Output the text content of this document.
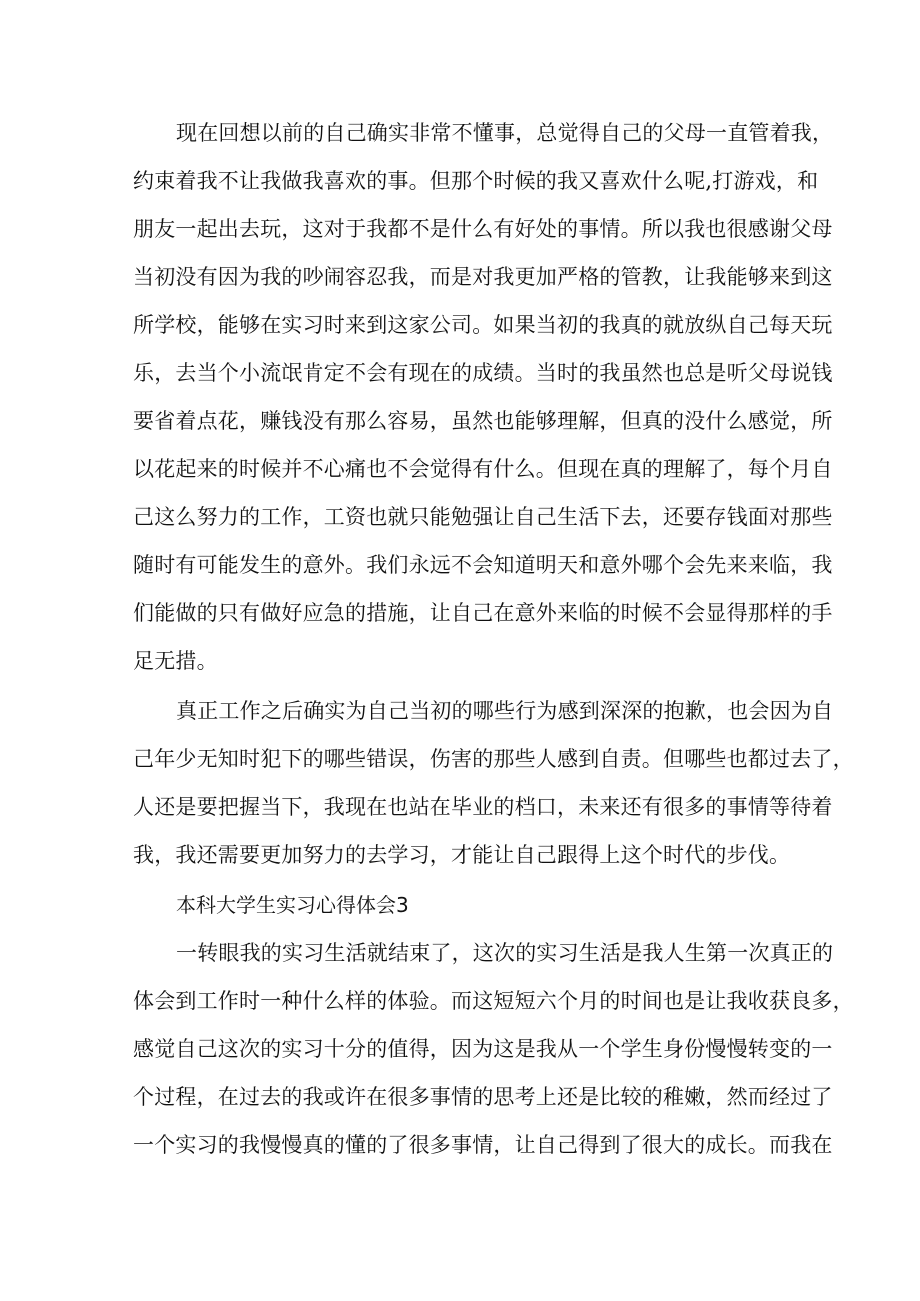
现在回想以前的自己确实非常不懂事，总觉得自己的父母一直管着我，
约束着我不让我做我喜欢的事。但那个时候的我又喜欢什么呢,打游戏，和
朋友一起出去玩，这对于我都不是什么有好处的事情。所以我也很感谢父母
当初没有因为我的吵闹容忍我，而是对我更加严格的管教，让我能够来到这
所学校，能够在实习时来到这家公司。如果当初的我真的就放纵自己每天玩
乐，去当个小流氓肯定不会有现在的成绩。当时的我虽然也总是听父母说钱
要省着点花，赚钱没有那么容易，虽然也能够理解，但真的没什么感觉，所
以花起来的时候并不心痛也不会觉得有什么。但现在真的理解了，每个月自
己这么努力的工作，工资也就只能勉强让自己生活下去，还要存钱面对那些
随时有可能发生的意外。我们永远不会知道明天和意外哪个会先来来临，我
们能做的只有做好应急的措施，让自己在意外来临的时候不会显得那样的手
足无措。
真正工作之后确实为自己当初的哪些行为感到深深的抱歉，也会因为自
己年少无知时犯下的哪些错误，伤害的那些人感到自责。但哪些也都过去了，
人还是要把握当下，我现在也站在毕业的档口，未来还有很多的事情等待着
我，我还需要更加努力的去学习，才能让自己跟得上这个时代的步伐。
本科大学生实习心得体会3
一转眼我的实习生活就结束了，这次的实习生活是我人生第一次真正的
体会到工作时一种什么样的体验。而这短短六个月的时间也是让我收获良多，
感觉自己这次的实习十分的值得，因为这是我从一个学生身份慢慢转变的一
个过程，在过去的我或许在很多事情的思考上还是比较的稚嫩，然而经过了
一个实习的我慢慢真的懂的了很多事情，让自己得到了很大的成长。而我在
